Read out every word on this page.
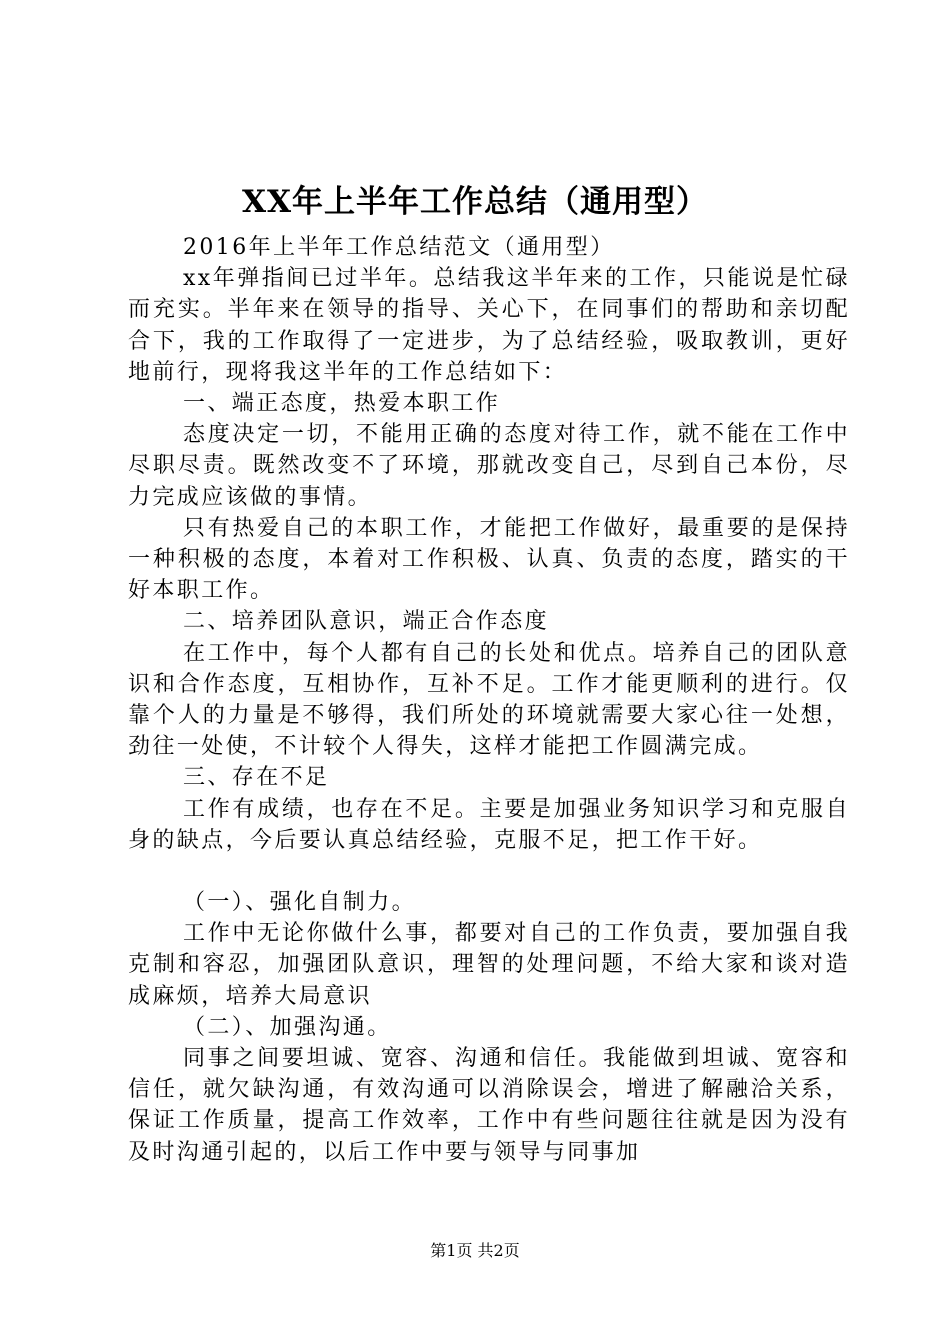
XX年上半年工作总结（通用型）

2016年上半年工作总结范文（通用型）

xx年弹指间已过半年。总结我这半年来的工作，只能说是忙碌而充实。半年来在领导的指导、关心下，在同事们的帮助和亲切配合下，我的工作取得了一定进步，为了总结经验，吸取教训，更好地前行，现将我这半年的工作总结如下：

一、端正态度，热爱本职工作

态度决定一切，不能用正确的态度对待工作，就不能在工作中尽职尽责。既然改变不了环境，那就改变自己，尽到自己本份，尽力完成应该做的事情。

只有热爱自己的本职工作，才能把工作做好，最重要的是保持一种积极的态度，本着对工作积极、认真、负责的态度，踏实的干好本职工作。

二、培养团队意识，端正合作态度

在工作中，每个人都有自己的长处和优点。培养自己的团队意识和合作态度，互相协作，互补不足。工作才能更顺利的进行。仅靠个人的力量是不够得，我们所处的环境就需要大家心往一处想，劲往一处使，不计较个人得失，这样才能把工作圆满完成。

三、存在不足

工作有成绩，也存在不足。主要是加强业务知识学习和克服自身的缺点，今后要认真总结经验，克服不足，把工作干好。

（一）、强化自制力。

工作中无论你做什么事，都要对自己的工作负责，要加强自我克制和容忍，加强团队意识，理智的处理问题，不给大家和谈对造成麻烦，培养大局意识

（二）、加强沟通。

同事之间要坦诚、宽容、沟通和信任。我能做到坦诚、宽容和信任，就欠缺沟通，有效沟通可以消除误会，增进了解融洽关系，保证工作质量，提高工作效率，工作中有些问题往往就是因为没有及时沟通引起的，以后工作中要与领导与同事加

第1页 共2页
